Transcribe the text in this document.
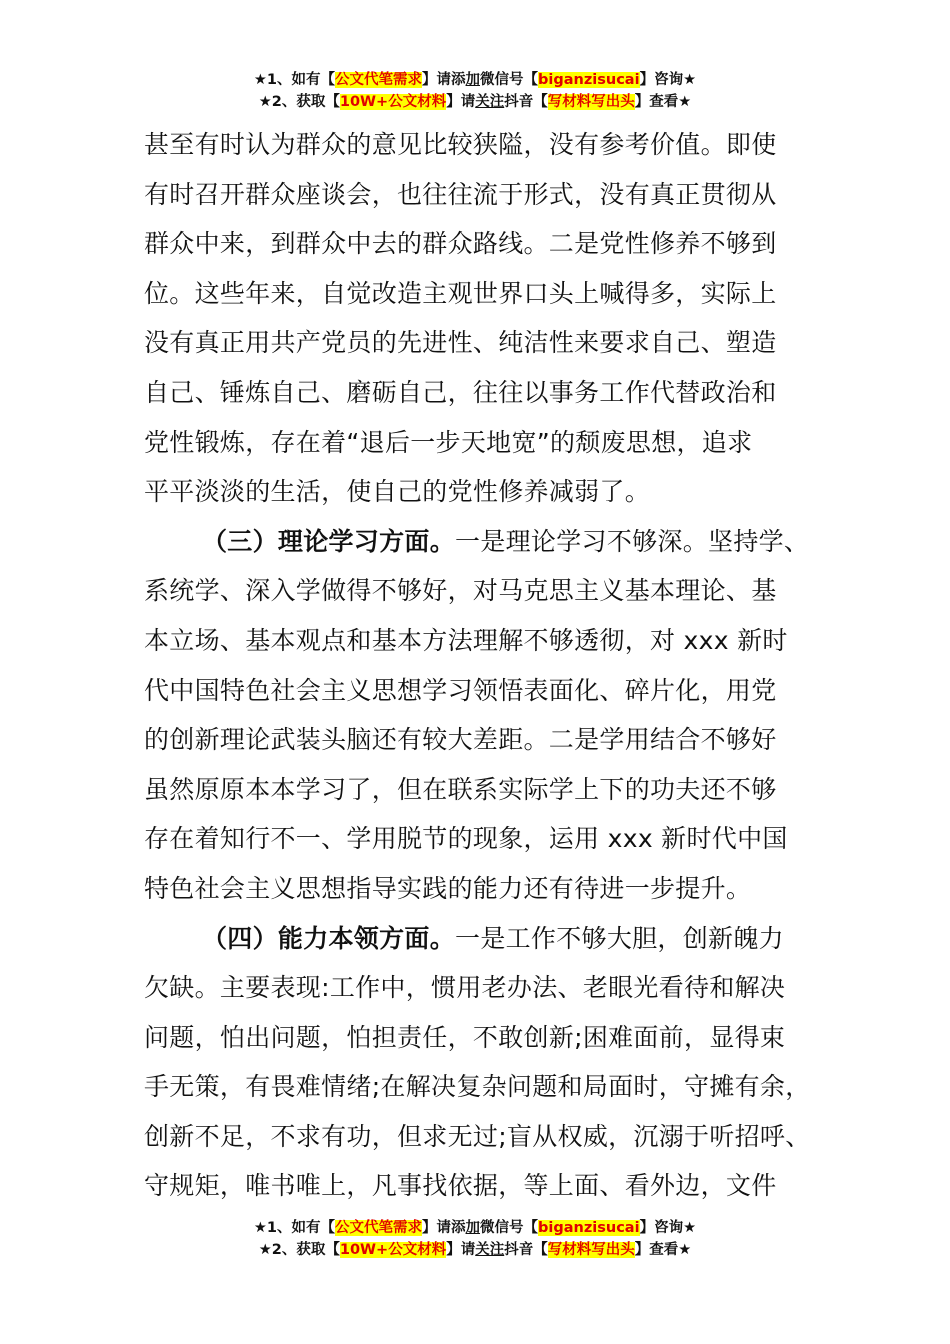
★1、如有【公文代笔需求】请添加微信号【biganzisucai】咨询★
★2、获取【10W+公文材料】请关注抖音【写材料写出头】查看★
甚至有时认为群众的意见比较狭隘，没有参考价值。即使
有时召开群众座谈会，也往往流于形式，没有真正贯彻从
群众中来，到群众中去的群众路线。二是党性修养不够到
位。这些年来，自觉改造主观世界口头上喊得多，实际上
没有真正用共产党员的先进性、纯洁性来要求自己、塑造
自己、锤炼自己、磨砺自己，往往以事务工作代替政治和
党性锻炼，存在着“退后一步天地宽”的颓废思想，追求
平平淡淡的生活，使自己的党性修养减弱了。
（三）理论学习方面。一是理论学习不够深。坚持学、
系统学、深入学做得不够好，对马克思主义基本理论、基
本立场、基本观点和基本方法理解不够透彻，对 xxx 新时
代中国特色社会主义思想学习领悟表面化、碎片化，用党
的创新理论武装头脑还有较大差距。二是学用结合不够好
虽然原原本本学习了，但在联系实际学上下的功夫还不够
存在着知行不一、学用脱节的现象，运用 xxx 新时代中国
特色社会主义思想指导实践的能力还有待进一步提升。
（四）能力本领方面。一是工作不够大胆，创新魄力
欠缺。主要表现:工作中，惯用老办法、老眼光看待和解决
问题，怕出问题，怕担责任，不敢创新;困难面前，显得束
手无策，有畏难情绪;在解决复杂问题和局面时，守摊有余，
创新不足，不求有功，但求无过;盲从权威，沉溺于听招呼、
守规矩，唯书唯上，凡事找依据，等上面、看外边，文件
★1、如有【公文代笔需求】请添加微信号【biganzisucai】咨询★
★2、获取【10W+公文材料】请关注抖音【写材料写出头】查看★
